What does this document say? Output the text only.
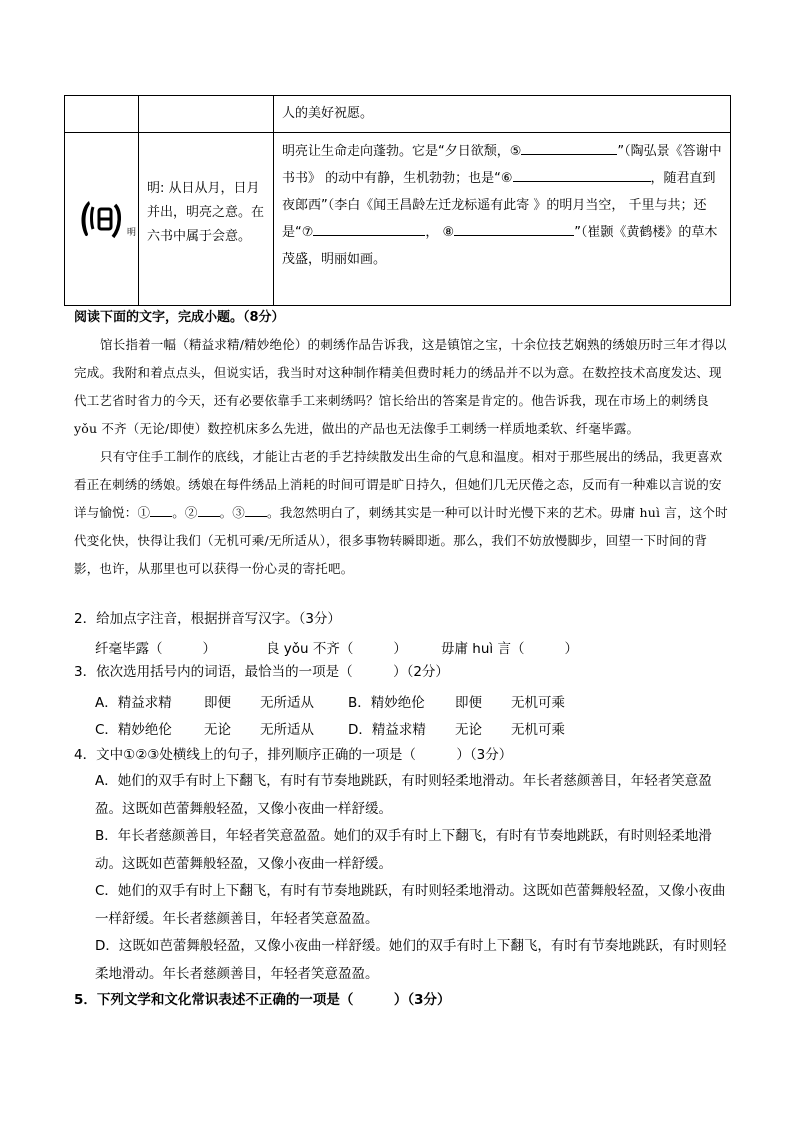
		人的美好祝愿。

明	明: 从日从月，日月并出，明亮之意。在六书中属于会意。	明亮让生命走向蓬勃。它是“夕日欲颓，⑤ ”（陶弘景《答谢中书书》 的动中有静，生机勃勃；也是“⑥ ，随君直到夜郎西”（李白《闻王昌龄左迁龙标遥有此寄 》的明月当空， 千里与共；还是“⑦ ， ⑧ ”（崔颢《黄鹤楼》的草木茂盛，明丽如画。
阅读下面的文字，完成小题。（8分）

馆长指着一幅（精益求精/精妙绝伦）的刺绣作品告诉我，这是镇馆之宝，十余位技艺娴熟的绣娘历时三年才得以完成。我附和着点点头，但说实话，我当时对这种制作精美但费时耗力的绣品并不以为意。在数控技术高度发达、现代工艺省时省力的今天，还有必要依靠手工来刺绣吗？馆长给出的答案是肯定的。他告诉我，现在市场上的刺绣良 yǒu 不齐（无论/即使）数控机床多么先进，做出的产品也无法像手工刺绣一样质地柔软、纤毫毕露。

只有守住手工制作的底线，才能让古老的手艺持续散发出生命的气息和温度。相对于那些展出的绣品，我更喜欢看正在刺绣的绣娘。绣娘在每件绣品上消耗的时间可谓是旷日持久，但她们几无厌倦之态，反而有一种难以言说的安详与愉悦：① 。② 。③ 。我忽然明白了，刺绣其实是一种可以计时光慢下来的艺术。毋庸 huì 言，这个时代变化快，快得让我们（无机可乘/无所适从），很多事物转瞬即逝。那么，我们不妨放慢脚步，回望一下时间的背影，也许，从那里也可以获得一份心灵的寄托吧。

2．给加点字注音，根据拼音写汉字。（3分）
纤毫毕露（	）	良 yǒu 不齐（	）	毋庸 huì 言（	）
3．依次选用括号内的词语，最恰当的一项是（　　　）（2分）
A．精益求精 即便 无所适从	B．精妙绝伦 即便 无机可乘
C．精妙绝伦 无论 无所适从	D．精益求精 无论 无机可乘
4．文中①②③处横线上的句子，排列顺序正确的一项是（　　　）（3分）
A．她们的双手有时上下翻飞，有时有节奏地跳跃，有时则轻柔地滑动。年长者慈颜善目，年轻者笑意盈盈。这既如芭蕾舞般轻盈，又像小夜曲一样舒缓。
B．年长者慈颜善目，年轻者笑意盈盈。她们的双手有时上下翻飞，有时有节奏地跳跃，有时则轻柔地滑动。这既如芭蕾舞般轻盈，又像小夜曲一样舒缓。
C．她们的双手有时上下翻飞，有时有节奏地跳跃，有时则轻柔地滑动。这既如芭蕾舞般轻盈，又像小夜曲一样舒缓。年长者慈颜善目，年轻者笑意盈盈。
D．这既如芭蕾舞般轻盈，又像小夜曲一样舒缓。她们的双手有时上下翻飞，有时有节奏地跳跃，有时则轻柔地滑动。年长者慈颜善目，年轻者笑意盈盈。
5．下列文学和文化常识表述不正确的一项是（　　　）（3分）
